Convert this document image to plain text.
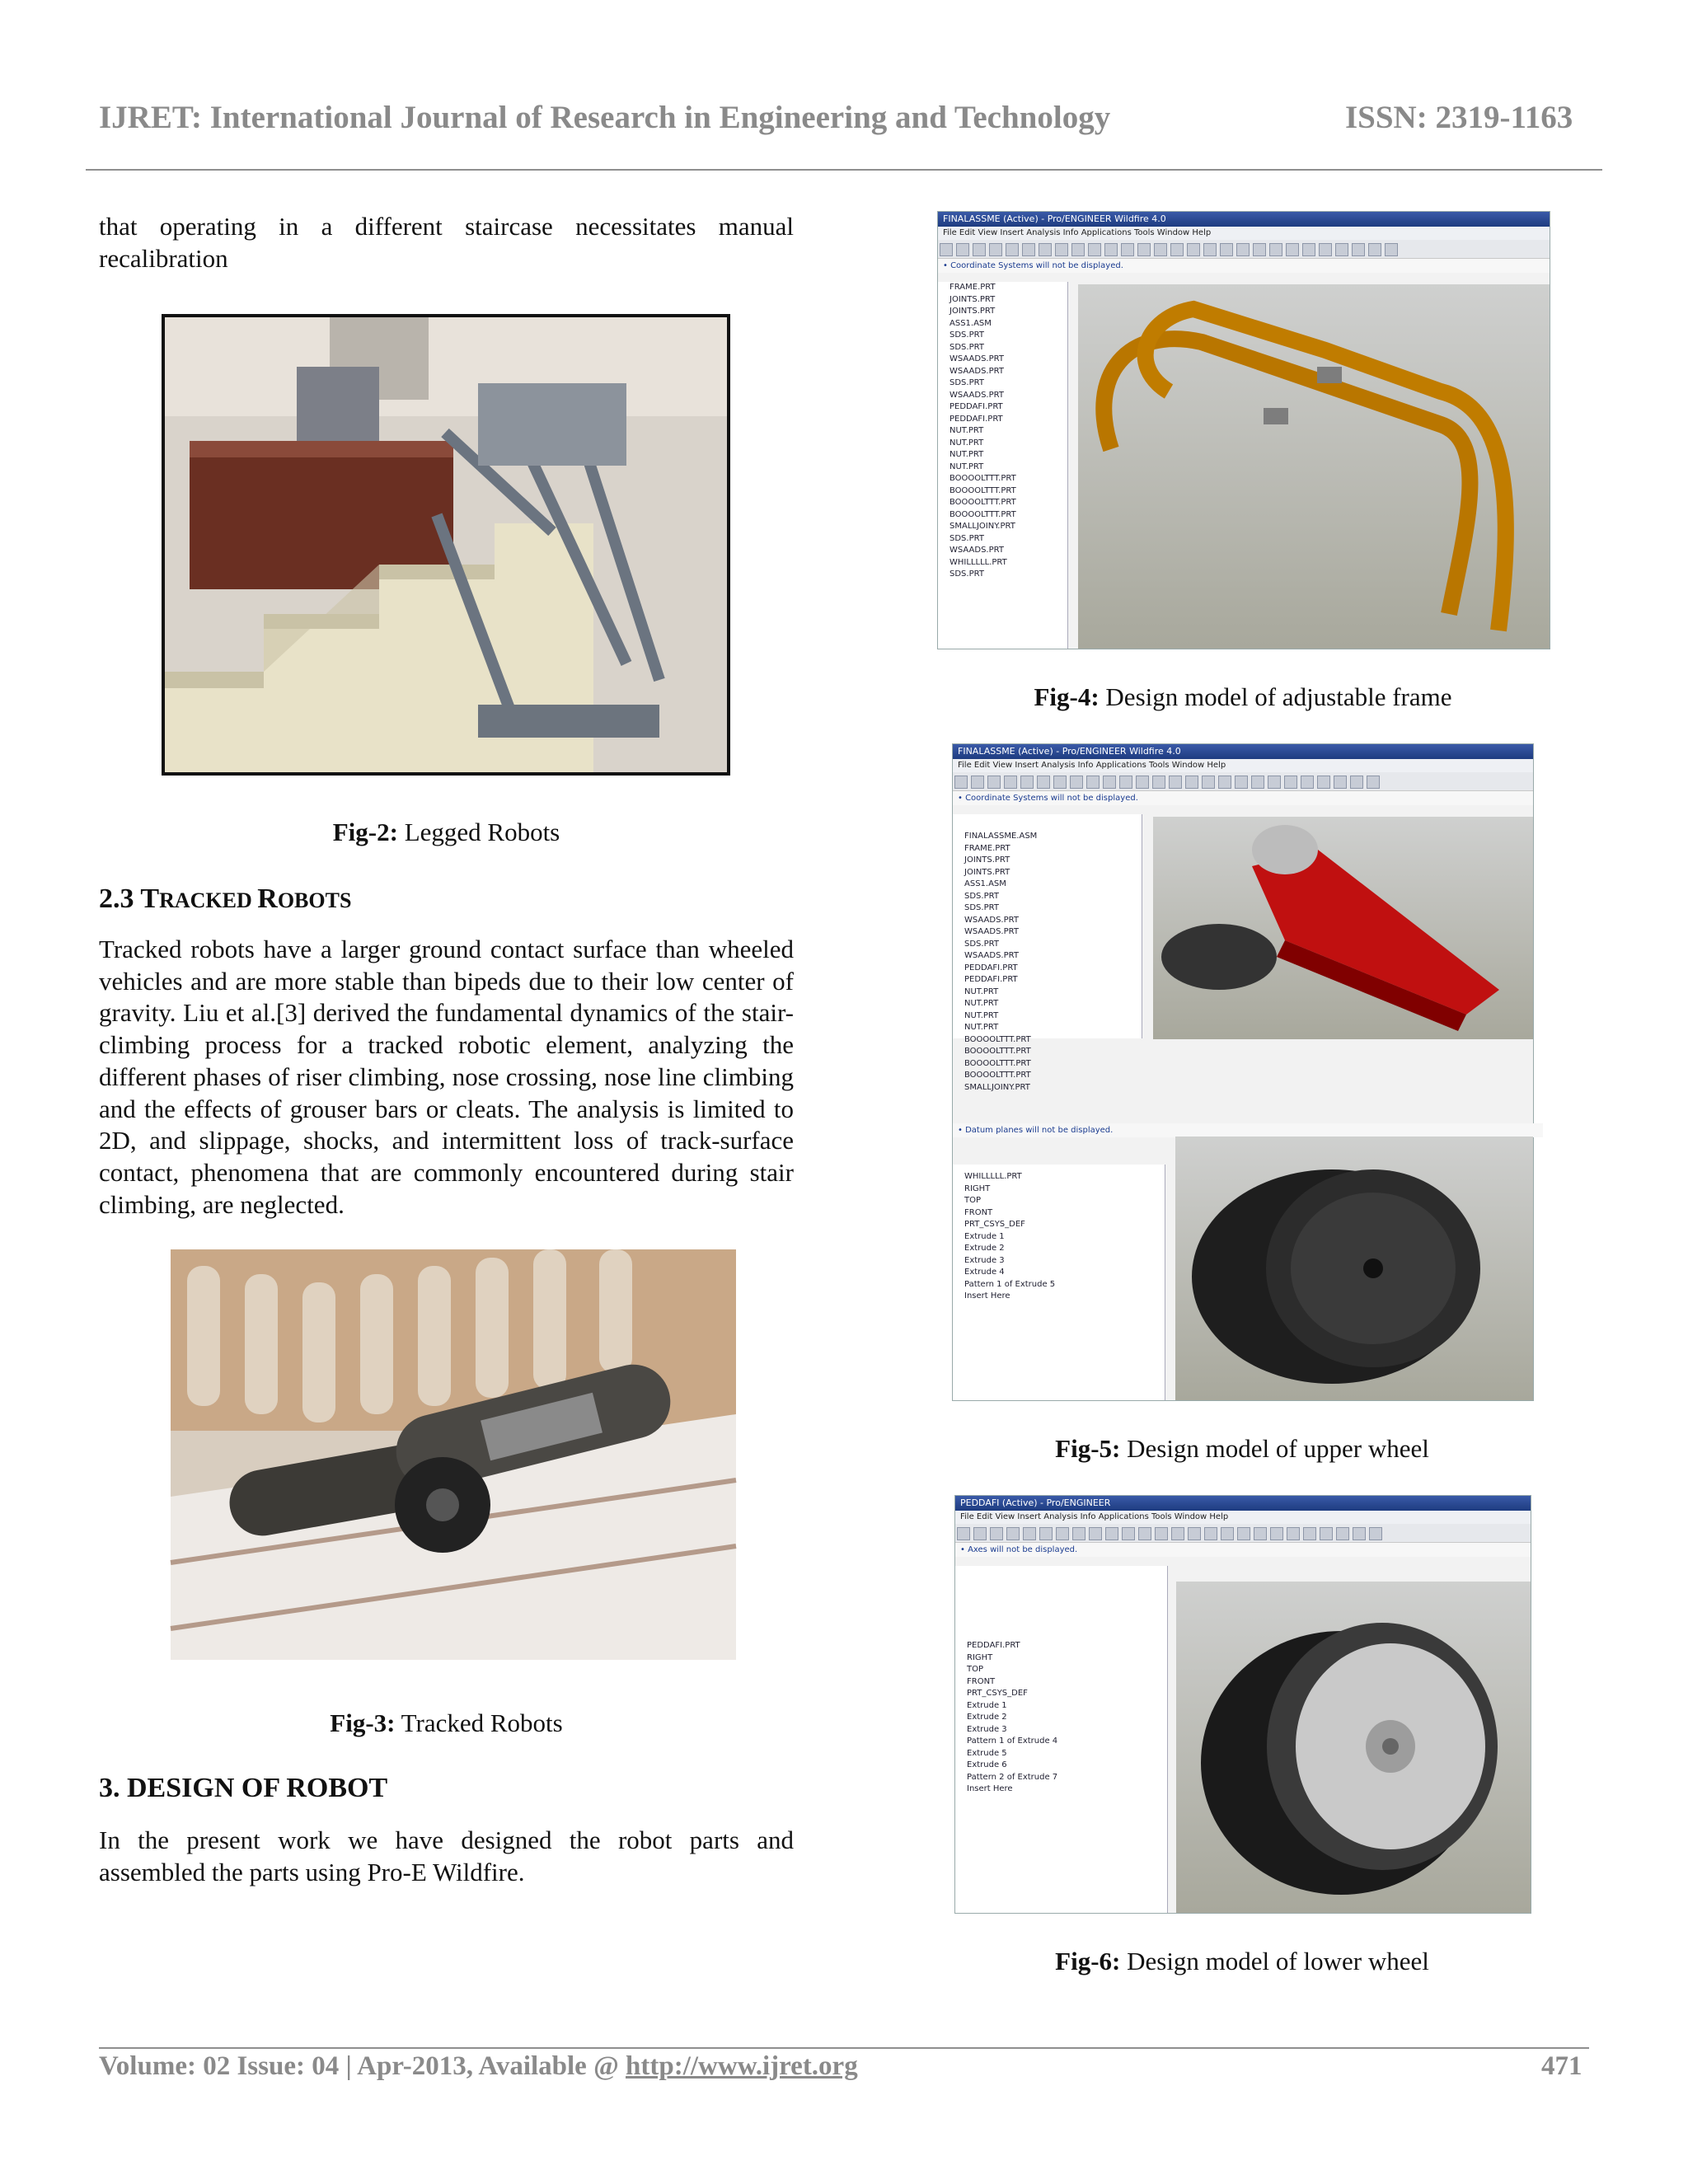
IJRET: International Journal of Research in Engineering and Technology	ISSN: 2319-1163
that operating in a different staircase necessitates manual recalibration
Fig-2: Legged Robots
2.3 TRACKED ROBOTS
Tracked robots have a larger ground contact surface than wheeled vehicles and are more stable than bipeds due to their low center of gravity. Liu et al.[3] derived the fundamental dynamics of the stair-climbing process for a tracked robotic element, analyzing the different phases of riser climbing, nose crossing, nose line climbing and the effects of grouser bars or cleats. The analysis is limited to 2D, and slippage, shocks, and intermittent loss of track-surface contact, phenomena that are commonly encountered during stair climbing, are neglected.
Fig-3: Tracked Robots
3. DESIGN OF ROBOT
In the present work we have designed the robot parts and assembled the parts using Pro-E Wildfire.
FINALASSME (Active) - Pro/ENGINEER Wildfire 4.0
File Edit View Insert Analysis Info Applications Tools Window Help
• Coordinate Systems will not be displayed.
FRAME.PRT
JOINTS.PRT
JOINTS.PRT
ASS1.ASM
SDS.PRT
SDS.PRT
WSAADS.PRT
WSAADS.PRT
SDS.PRT
WSAADS.PRT
PEDDAFI.PRT
PEDDAFI.PRT
NUT.PRT
NUT.PRT
NUT.PRT
NUT.PRT
BOOOOLTTT.PRT
BOOOOLTTT.PRT
BOOOOLTTT.PRT
BOOOOLTTT.PRT
SMALLJOINY.PRT
SDS.PRT
WSAADS.PRT
WHILLLLL.PRT
SDS.PRT
Fig-4: Design model of adjustable frame
FINALASSME (Active) - Pro/ENGINEER Wildfire 4.0
File Edit View Insert Analysis Info Applications Tools Window Help
• Coordinate Systems will not be displayed.
FINALASSME.ASM
FRAME.PRT
JOINTS.PRT
JOINTS.PRT
ASS1.ASM
SDS.PRT
SDS.PRT
WSAADS.PRT
WSAADS.PRT
SDS.PRT
WSAADS.PRT
PEDDAFI.PRT
PEDDAFI.PRT
NUT.PRT
NUT.PRT
NUT.PRT
NUT.PRT
BOOOOLTTT.PRT
BOOOOLTTT.PRT
BOOOOLTTT.PRT
BOOOOLTTT.PRT
SMALLJOINY.PRT
• Datum planes will not be displayed.
WHILLLLL.PRT
RIGHT
TOP
FRONT
PRT_CSYS_DEF
Extrude 1
Extrude 2
Extrude 3
Extrude 4
Pattern 1 of Extrude 5
Insert Here
Fig-5: Design model of upper wheel
PEDDAFI (Active) - Pro/ENGINEER
File Edit View Insert Analysis Info Applications Tools Window Help
• Axes will not be displayed.
PEDDAFI.PRT
RIGHT
TOP
FRONT
PRT_CSYS_DEF
Extrude 1
Extrude 2
Extrude 3
Pattern 1 of Extrude 4
Extrude 5
Extrude 6
Pattern 2 of Extrude 7
Insert Here
Fig-6: Design model of lower wheel
Volume: 02 Issue: 04 | Apr-2013, Available @ http://www.ijret.org	471
